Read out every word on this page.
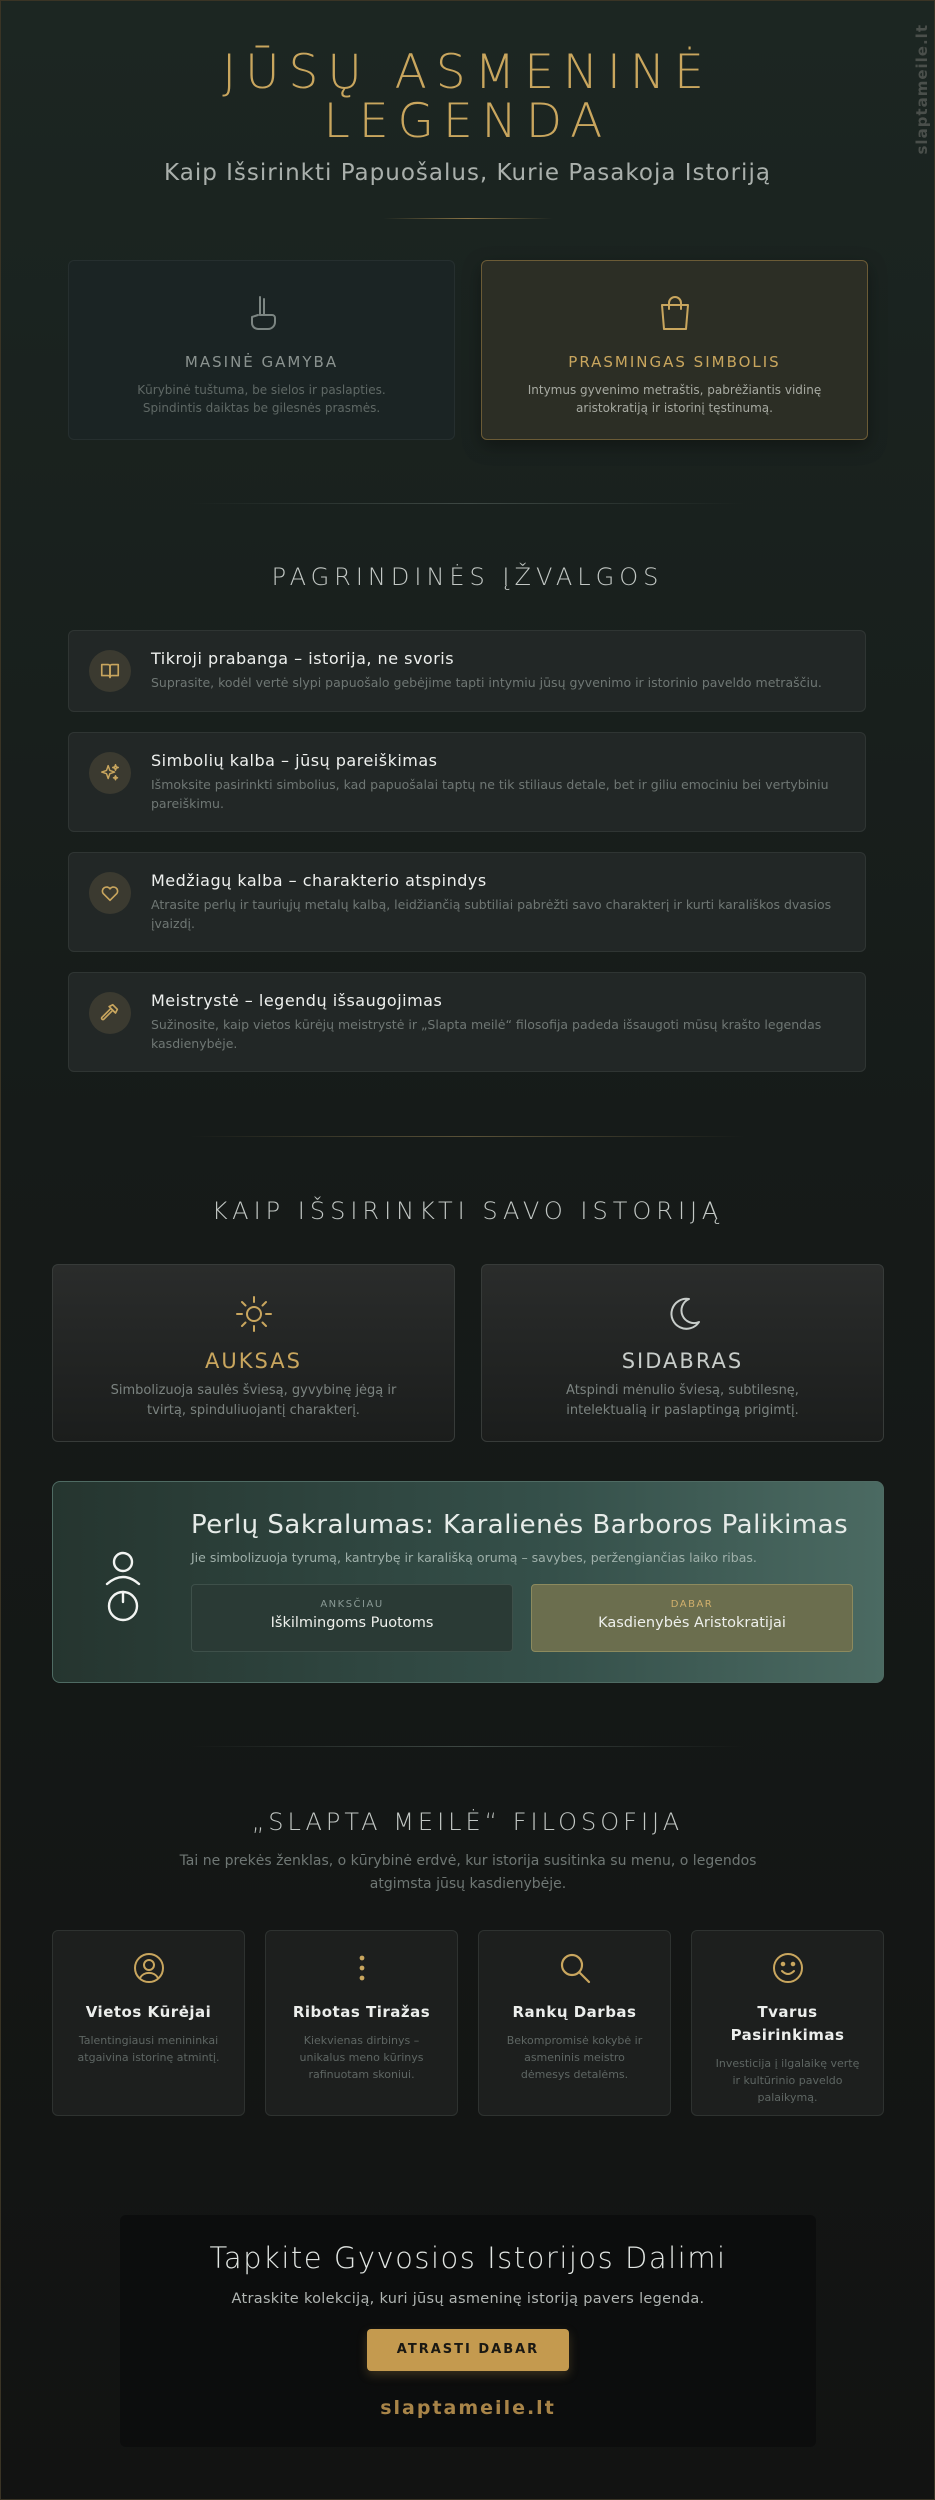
slaptameile.lt
JŪSŲ ASMENINĖ LEGENDA

Kaip Išsirinkti Papuošalus, Kurie Pasakoja Istoriją

MASINĖ GAMYBA
Kūrybinė tuštuma, be sielos ir paslapties. Spindintis daiktas be gilesnės prasmės.
PRASMINGAS SIMBOLIS
Intymus gyvenimo metraštis, pabrėžiantis vidinę aristokratiją ir istorinį tęstinumą.
PAGRINDINĖS ĮŽVALGOS
Tikroji prabanga – istorija, ne svoris
Suprasite, kodėl vertė slypi papuošalo gebėjime tapti intymiu jūsų gyvenimo ir istorinio paveldo metraščiu.
Simbolių kalba – jūsų pareiškimas
Išmoksite pasirinkti simbolius, kad papuošalai taptų ne tik stiliaus detale, bet ir giliu emociniu bei vertybiniu pareiškimu.
Medžiagų kalba – charakterio atspindys
Atrasite perlų ir tauriųjų metalų kalbą, leidžiančią subtiliai pabrėžti savo charakterį ir kurti karališkos dvasios įvaizdį.
Meistrystė – legendų išsaugojimas
Sužinosite, kaip vietos kūrėjų meistrystė ir „Slapta meilė“ filosofija padeda išsaugoti mūsų krašto legendas kasdienybėje.
KAIP IŠSIRINKTI SAVO ISTORIJĄ
AUKSAS
Simbolizuoja saulės šviesą, gyvybinę jėgą ir tvirtą, spinduliuojantį charakterį.
SIDABRAS
Atspindi mėnulio šviesą, subtilesnę, intelektualią ir paslaptingą prigimtį.
Perlų Sakralumas: Karalienės Barboros Palikimas
Jie simbolizuoja tyrumą, kantrybę ir karališką orumą – savybes, peržengiančias laiko ribas.
ANKSČIAU
Iškilmingoms Puotoms
DABAR
Kasdienybės Aristokratijai
„SLAPTA MEILĖ“ FILOSOFIJA

Tai ne prekės ženklas, o kūrybinė erdvė, kur istorija susitinka su menu, o legendos atgimsta jūsų kasdienybėje.

Vietos Kūrėjai
Talentingiausi menininkai atgaivina istorinę atmintį.
Ribotas Tiražas
Kiekvienas dirbinys – unikalus meno kūrinys rafinuotam skoniui.
Rankų Darbas
Bekompromisė kokybė ir asmeninis meistro dėmesys detalėms.
Tvarus Pasirinkimas
Investicija į ilgalaikę vertę ir kultūrinio paveldo palaikymą.
Tapkite Gyvosios Istorijos Dalimi

Atraskite kolekciją, kuri jūsų asmeninę istoriją pavers legenda.

ATRASTI DABAR
slaptameile.lt
